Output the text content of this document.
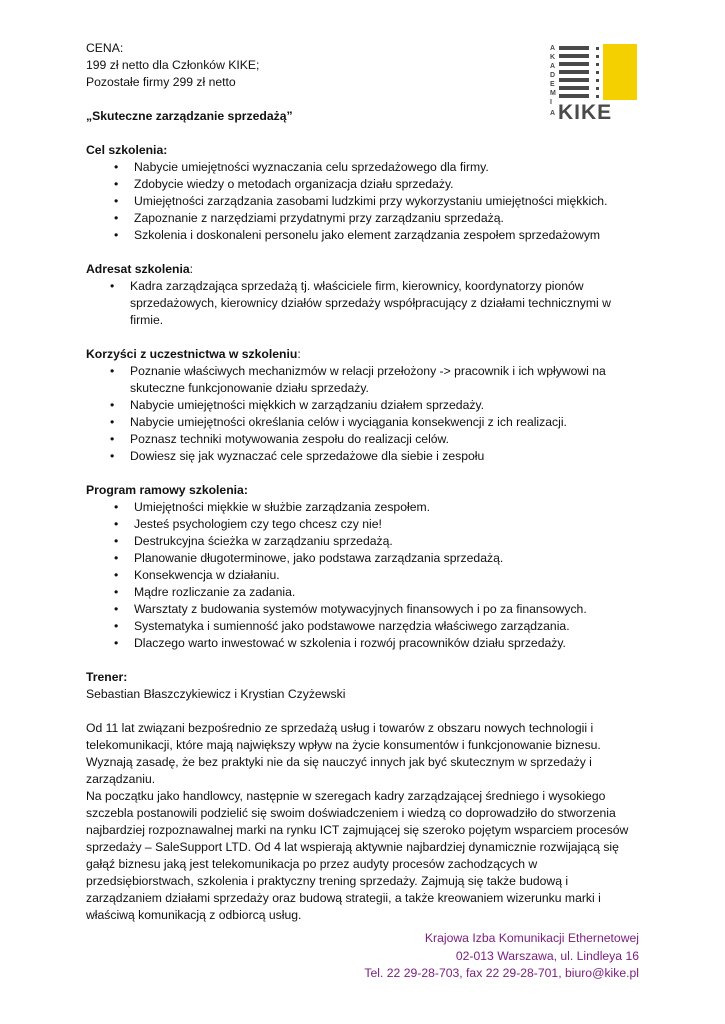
A
K
A
D
E
M
I
A KIKE

CENA:

199 zł netto dla Członków KIKE;

Pozostałe firmy 299 zł netto

„Skuteczne zarządzanie sprzedażą”

Cel szkolenia:

• Nabycie umiejętności wyznaczania celu sprzedażowego dla firmy.
• Zdobycie wiedzy o metodach organizacja działu sprzedaży.
• Umiejętności zarządzania zasobami ludzkimi przy wykorzystaniu umiejętności miękkich.
• Zapoznanie z narzędziami przydatnymi przy zarządzaniu sprzedażą.
• Szkolenia i doskonaleni personelu jako element zarządzania zespołem sprzedażowym

Adresat szkolenia:

• Kadra zarządzająca sprzedażą tj. właściciele firm, kierownicy, koordynatorzy pionów sprzedażowych, kierownicy działów sprzedaży współpracujący z działami technicznymi w firmie.

Korzyści z uczestnictwa w szkoleniu:

• Poznanie właściwych mechanizmów w relacji przełożony -> pracownik i ich wpływowi na skuteczne funkcjonowanie działu sprzedaży.
• Nabycie umiejętności miękkich w zarządzaniu działem sprzedaży.
• Nabycie umiejętności określania celów i wyciągania konsekwencji z ich realizacji.
• Poznasz techniki motywowania zespołu do realizacji celów.
• Dowiesz się jak wyznaczać cele sprzedażowe dla siebie i zespołu

Program ramowy szkolenia:

• Umiejętności miękkie w służbie zarządzania zespołem.
• Jesteś psychologiem czy tego chcesz czy nie!
• Destrukcyjna ścieżka w zarządzaniu sprzedażą.
• Planowanie długoterminowe, jako podstawa zarządzania sprzedażą.
• Konsekwencja w działaniu.
• Mądre rozliczanie za zadania.
• Warsztaty z budowania systemów motywacyjnych finansowych i po za finansowych.
• Systematyka i sumienność jako podstawowe narzędzia właściwego zarządzania.
• Dlaczego warto inwestować w szkolenia i rozwój pracowników działu sprzedaży.

Trener:

Sebastian Błaszczykiewicz i Krystian Czyżewski

Od 11 lat związani bezpośrednio ze sprzedażą usług i towarów z obszaru nowych technologii i telekomunikacji, które mają największy wpływ na życie konsumentów i funkcjonowanie biznesu. Wyznają zasadę, że bez praktyki nie da się nauczyć innych jak być skutecznym w sprzedaży i zarządzaniu.

Na początku jako handlowcy, następnie w szeregach kadry zarządzającej średniego i wysokiego szczebla postanowili podzielić się swoim doświadczeniem i wiedzą co doprowadziło do stworzenia najbardziej rozpoznawalnej marki na rynku ICT zajmującej się szeroko pojętym wsparciem procesów sprzedaży – SaleSupport LTD. Od 4 lat wspierają aktywnie najbardziej dynamicznie rozwijającą się gałąź biznesu jaką jest telekomunikacja po przez audyty procesów zachodzących w przedsiębiorstwach, szkolenia i praktyczny trening sprzedaży. Zajmują się także budową i zarządzaniem działami sprzedaży oraz budową strategii, a także kreowaniem wizerunku marki i właściwą komunikacją z odbiorcą usług.

Krajowa Izba Komunikacji Ethernetowej

02-013 Warszawa, ul. Lindleya 16

Tel. 22 29-28-703, fax 22 29-28-701, biuro@kike.pl
